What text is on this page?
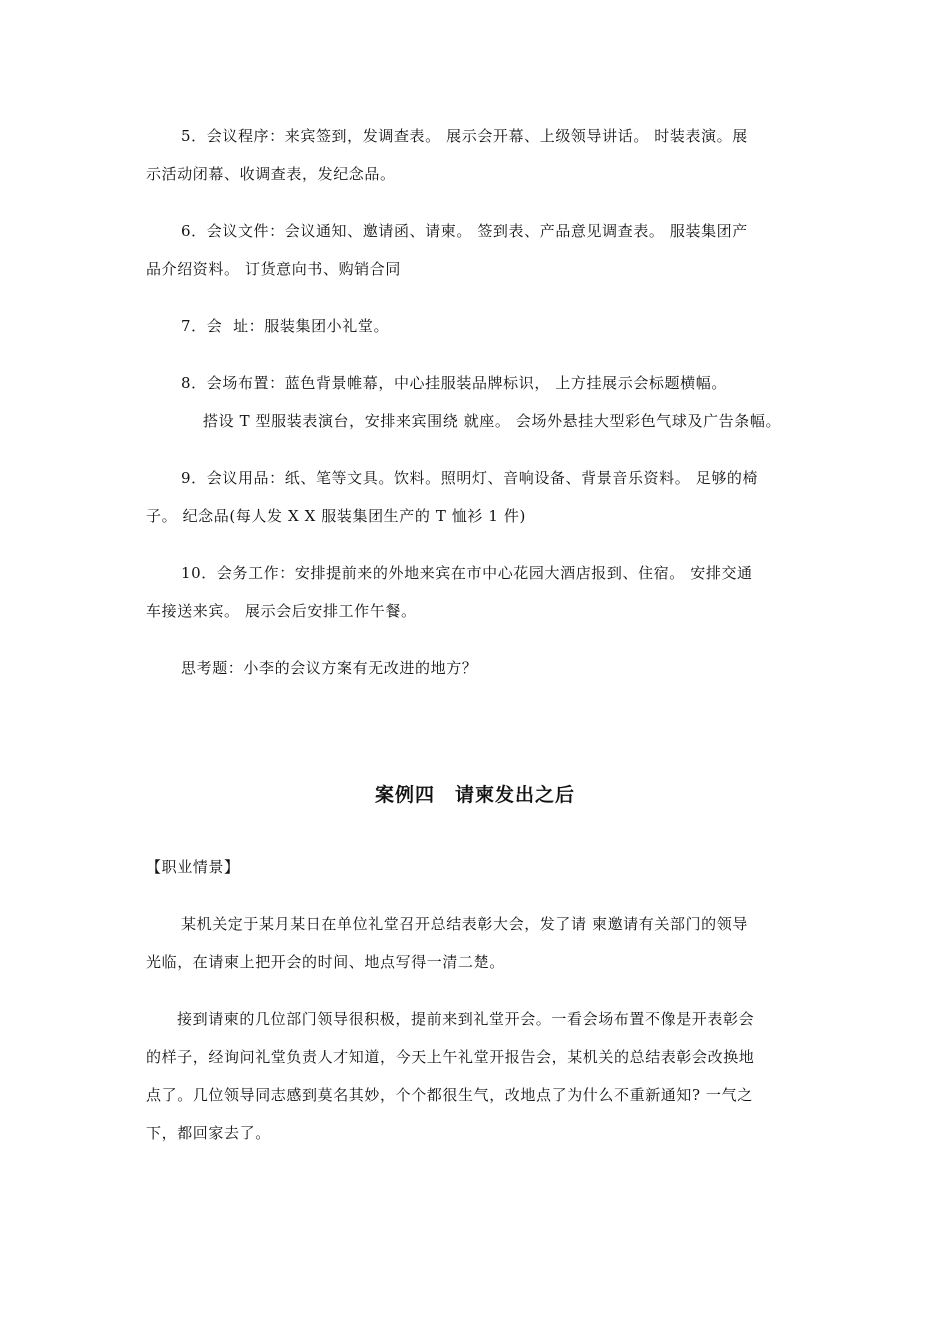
5．会议程序：来宾签到，发调查表。 展示会开幕、上级领导讲话。 时装表演。展
示活动闭幕、收调查表，发纪念品。
6．会议文件：会议通知、邀请函、请柬。 签到表、产品意见调查表。 服装集团产
品介绍资料。 订货意向书、购销合同
7．会  址：服装集团小礼堂。
8．会场布置：蓝色背景帷幕，中心挂服装品牌标识， 上方挂展示会标题横幅。
搭设 T 型服装表演台，安排来宾围绕 就座。 会场外悬挂大型彩色气球及广告条幅。
9．会议用品：纸、笔等文具。饮料。照明灯、音响设备、背景音乐资料。 足够的椅
子。 纪念品(每人发 X X 服装集团生产的 T 恤衫 1 件)
10．会务工作：安排提前来的外地来宾在市中心花园大酒店报到、住宿。 安排交通
车接送来宾。 展示会后安排工作午餐。
思考题：小李的会议方案有无改进的地方？
案例四　请柬发出之后
【职业情景】
某机关定于某月某日在单位礼堂召开总结表彰大会，发了请 柬邀请有关部门的领导
光临，在请柬上把开会的时间、地点写得一清二楚。
接到请柬的几位部门领导很积极，提前来到礼堂开会。一看会场布置不像是开表彰会
的样子，经询问礼堂负责人才知道，今天上午礼堂开报告会，某机关的总结表彰会改换地
点了。几位领导同志感到莫名其妙，个个都很生气，改地点了为什么不重新通知? 一气之
下，都回家去了。
